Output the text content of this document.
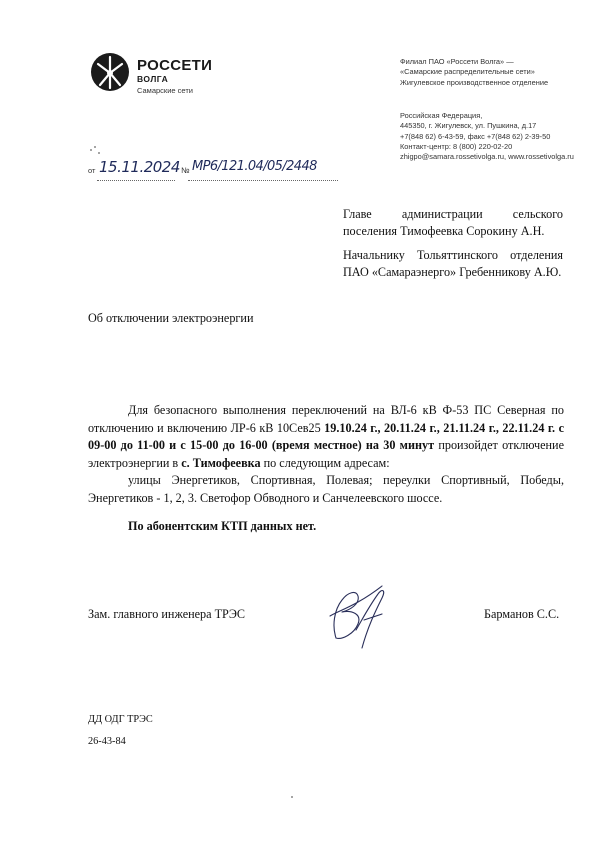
РОССЕТИ
ВОЛГА
Самарские сети
Филиал ПАО «Россети Волга» —
«Самарские распределительные сети»
Жигулевское производственное отделение
Российская Федерация,
445350, г. Жигулевск, ул. Пушкина, д.17
+7(848 62) 6-43-59, факс +7(848 62) 2-39-50
Контакт-центр: 8 (800) 220-02-20
zhigpo@samara.rossetivolga.ru, www.rossetivolga.ru
от 15.11.2024 № МР6/121.04/05/2448
Главе администрации сельского поселения Тимофеевка Сорокину А.Н.
Начальнику Тольяттинского отделения ПАО «Самараэнерго» Гребенникову А.Ю.
Об отключении электроэнергии

Для безопасного выполнения переключений на ВЛ-6 кВ Ф-53 ПС Северная по отключению и включению ЛР-6 кВ 10Сев25 19.10.24 г., 20.11.24 г., 21.11.24 г., 22.11.24 г. с 09-00 до 11-00 и с 15-00 до 16-00 (время местное) на 30 минут произойдет отключение электроэнергии в с. Тимофеевка по следующим адресам:

улицы Энергетиков, Спортивная, Полевая; переулки Спортивный, Победы, Энергетиков - 1, 2, 3. Светофор Обводного и Санчелеевского шоссе.

По абонентским КТП данных нет.

Зам. главного инженера ТРЭС	Барманов С.С.
ДД ОДГ ТРЭС
26-43-84
